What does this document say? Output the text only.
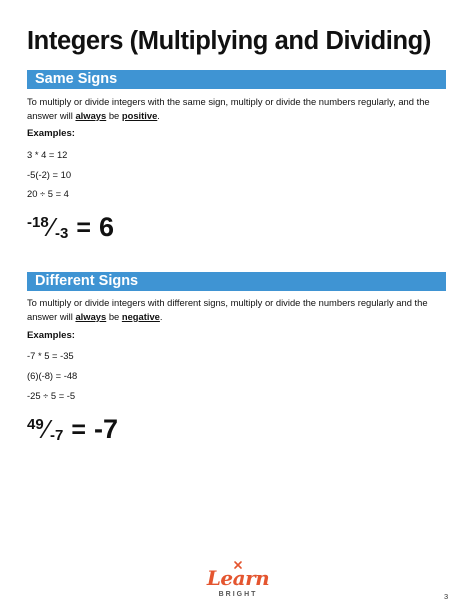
Integers (Multiplying and Dividing)
Same Signs
To multiply or divide integers with the same sign, multiply or divide the numbers regularly, and the answer will always be positive.
Examples:
3 * 4 = 12
-5(-2) = 10
20 ÷ 5 = 4
$^{-18}$ $⁄_{-3} = 6$
Different Signs
To multiply or divide integers with different signs, multiply or divide the numbers regularly and the answer will always be negative.
Examples:
-7 * 5 = -35
(6)(-8) = -48
-25 ÷ 5 = -5
$^{49}$ $⁄_{-7} = -7$
Learn
BRIGHT	3
